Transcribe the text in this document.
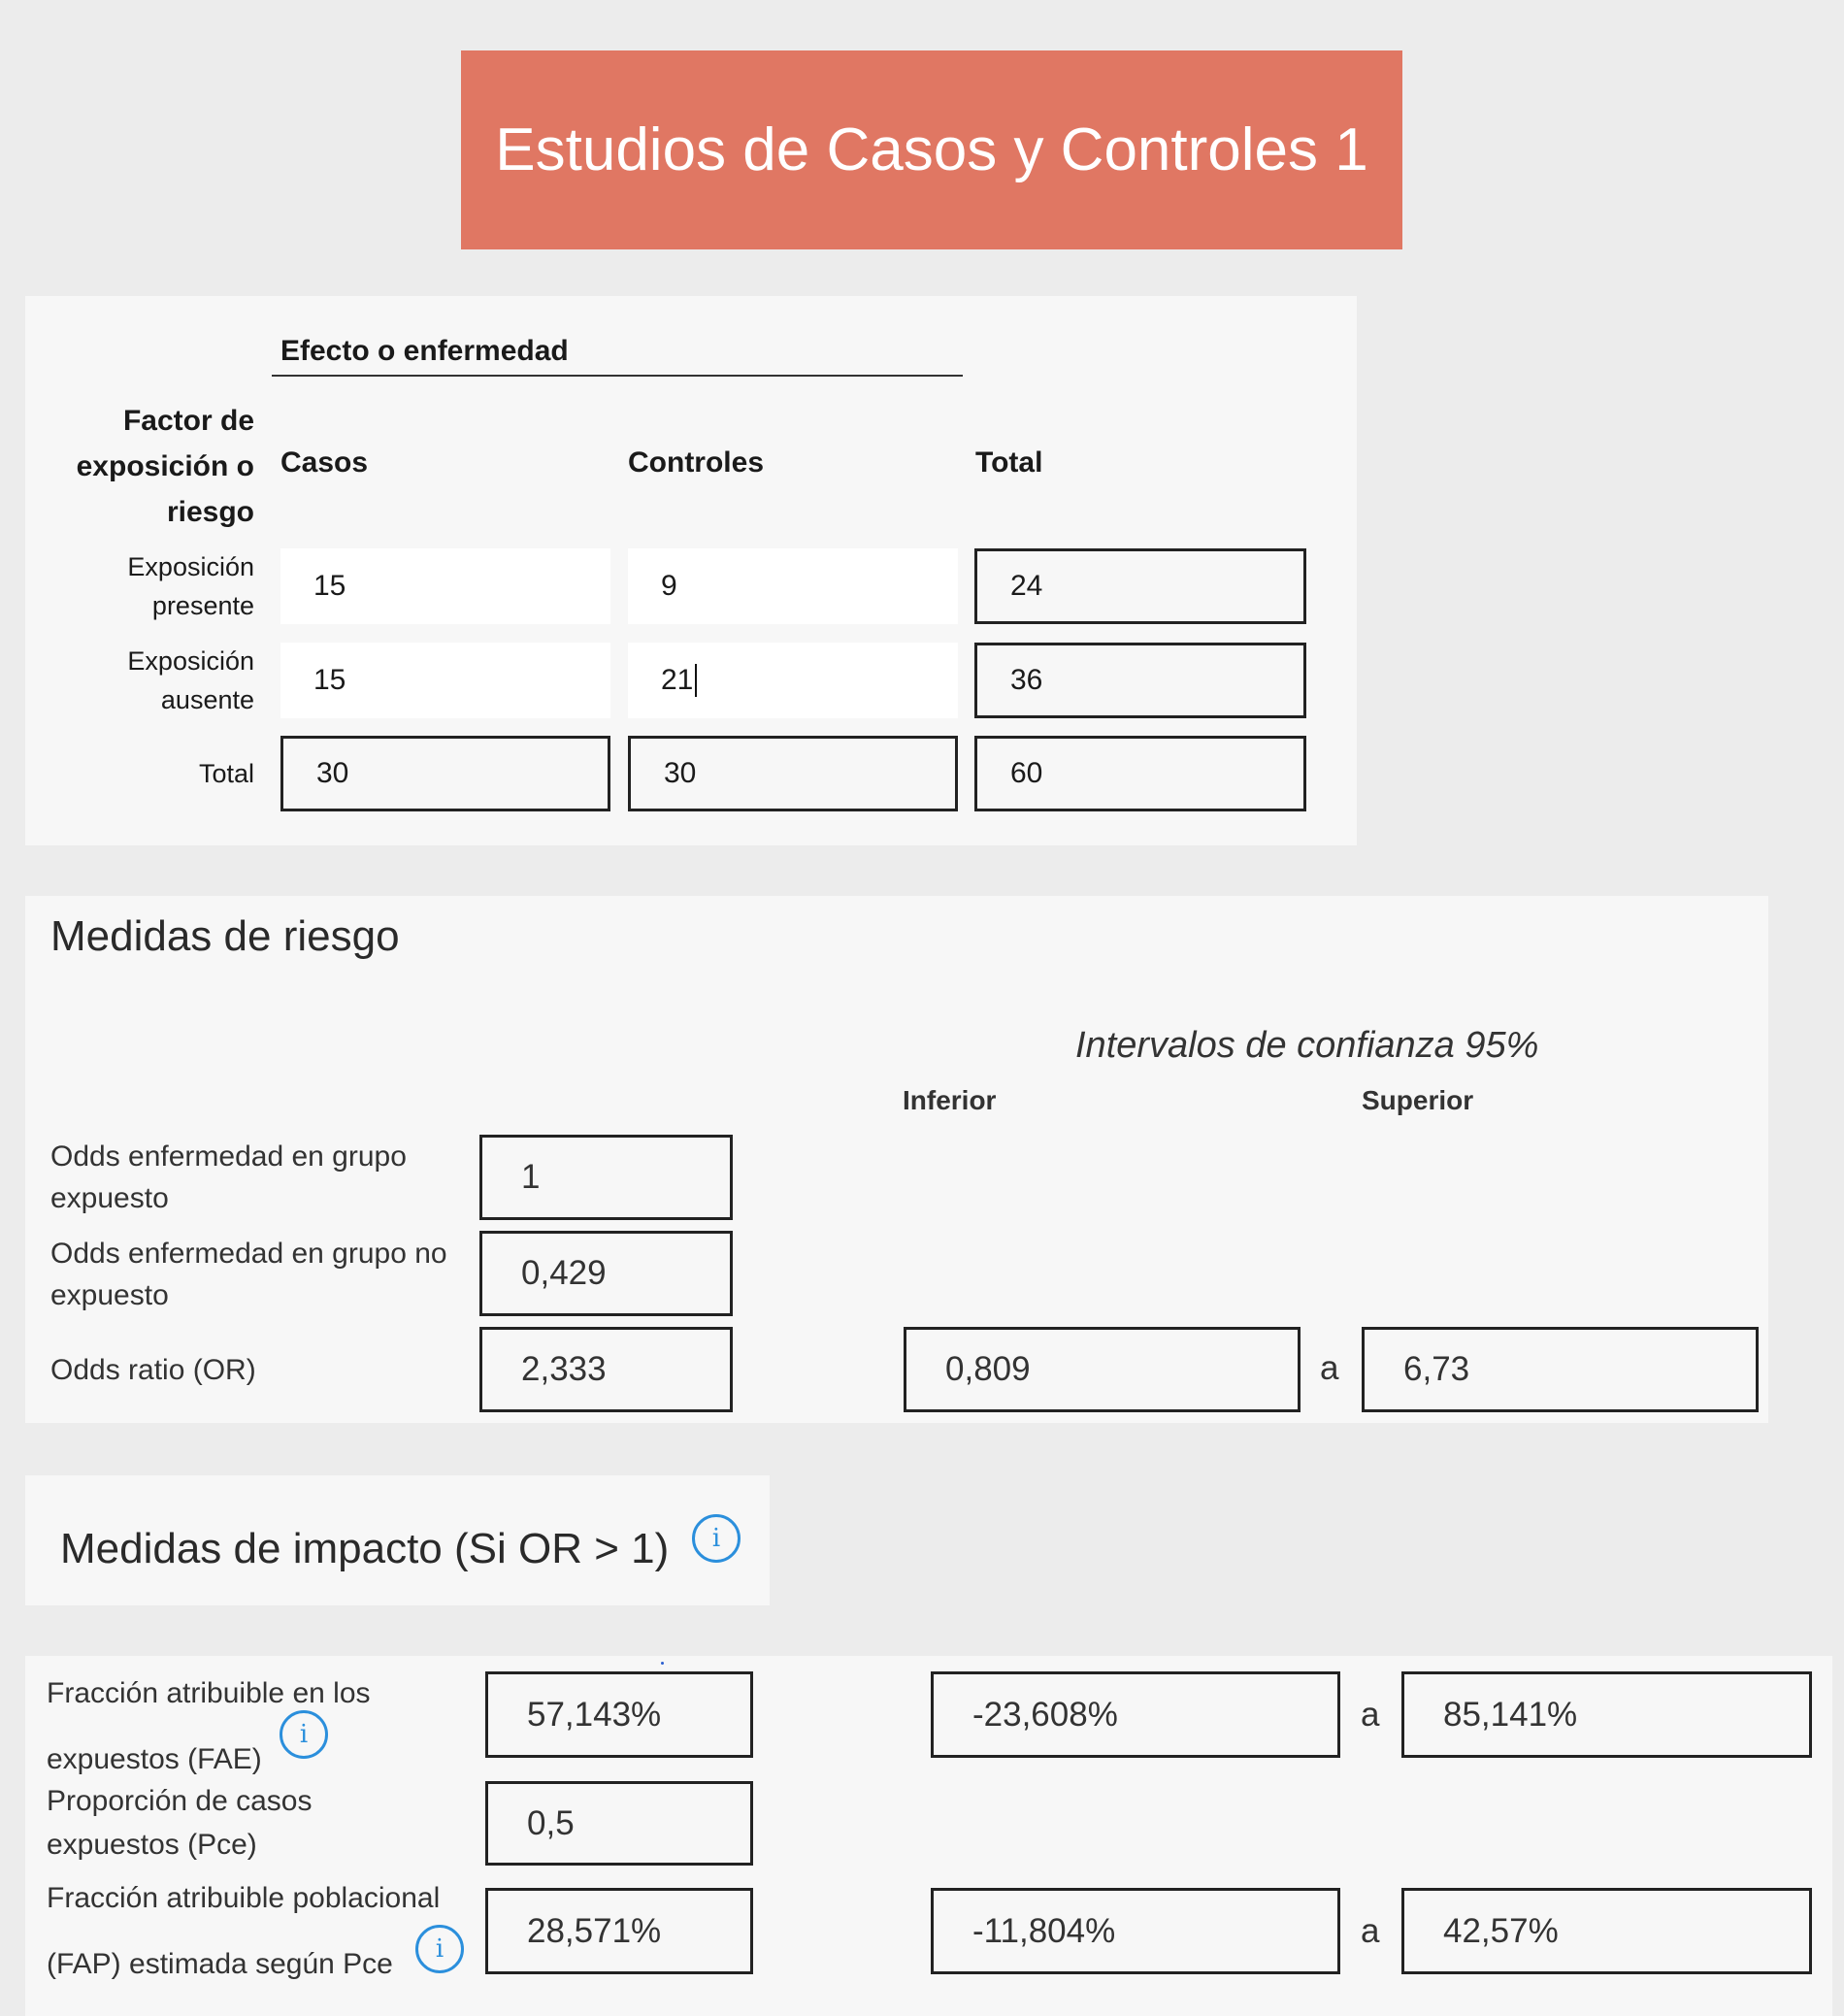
Estudios de Casos y Controles 1
Efecto o enfermedad
Factor de
exposición o
riesgo
Casos	Controles	Total
Exposición
presente
15	9	24
Exposición
ausente
15	21	36
Total	30	30	60
Medidas de riesgo
Intervalos de confianza 95%
Inferior	Superior
Odds enfermedad en grupo
expuesto
1
Odds enfermedad en grupo no
expuesto
0,429
Odds ratio (OR)	2,333	0,809	a	6,73
Medidas de impacto (Si OR > 1)	i
Fracción atribuible en los
expuestos (FAE)
i
57,143%	-23,608%	a	85,141%
Proporción de casos
expuestos (Pce)
0,5
Fracción atribuible poblacional
(FAP) estimada según Pce	i	28,571%	-11,804%	a	42,57%
